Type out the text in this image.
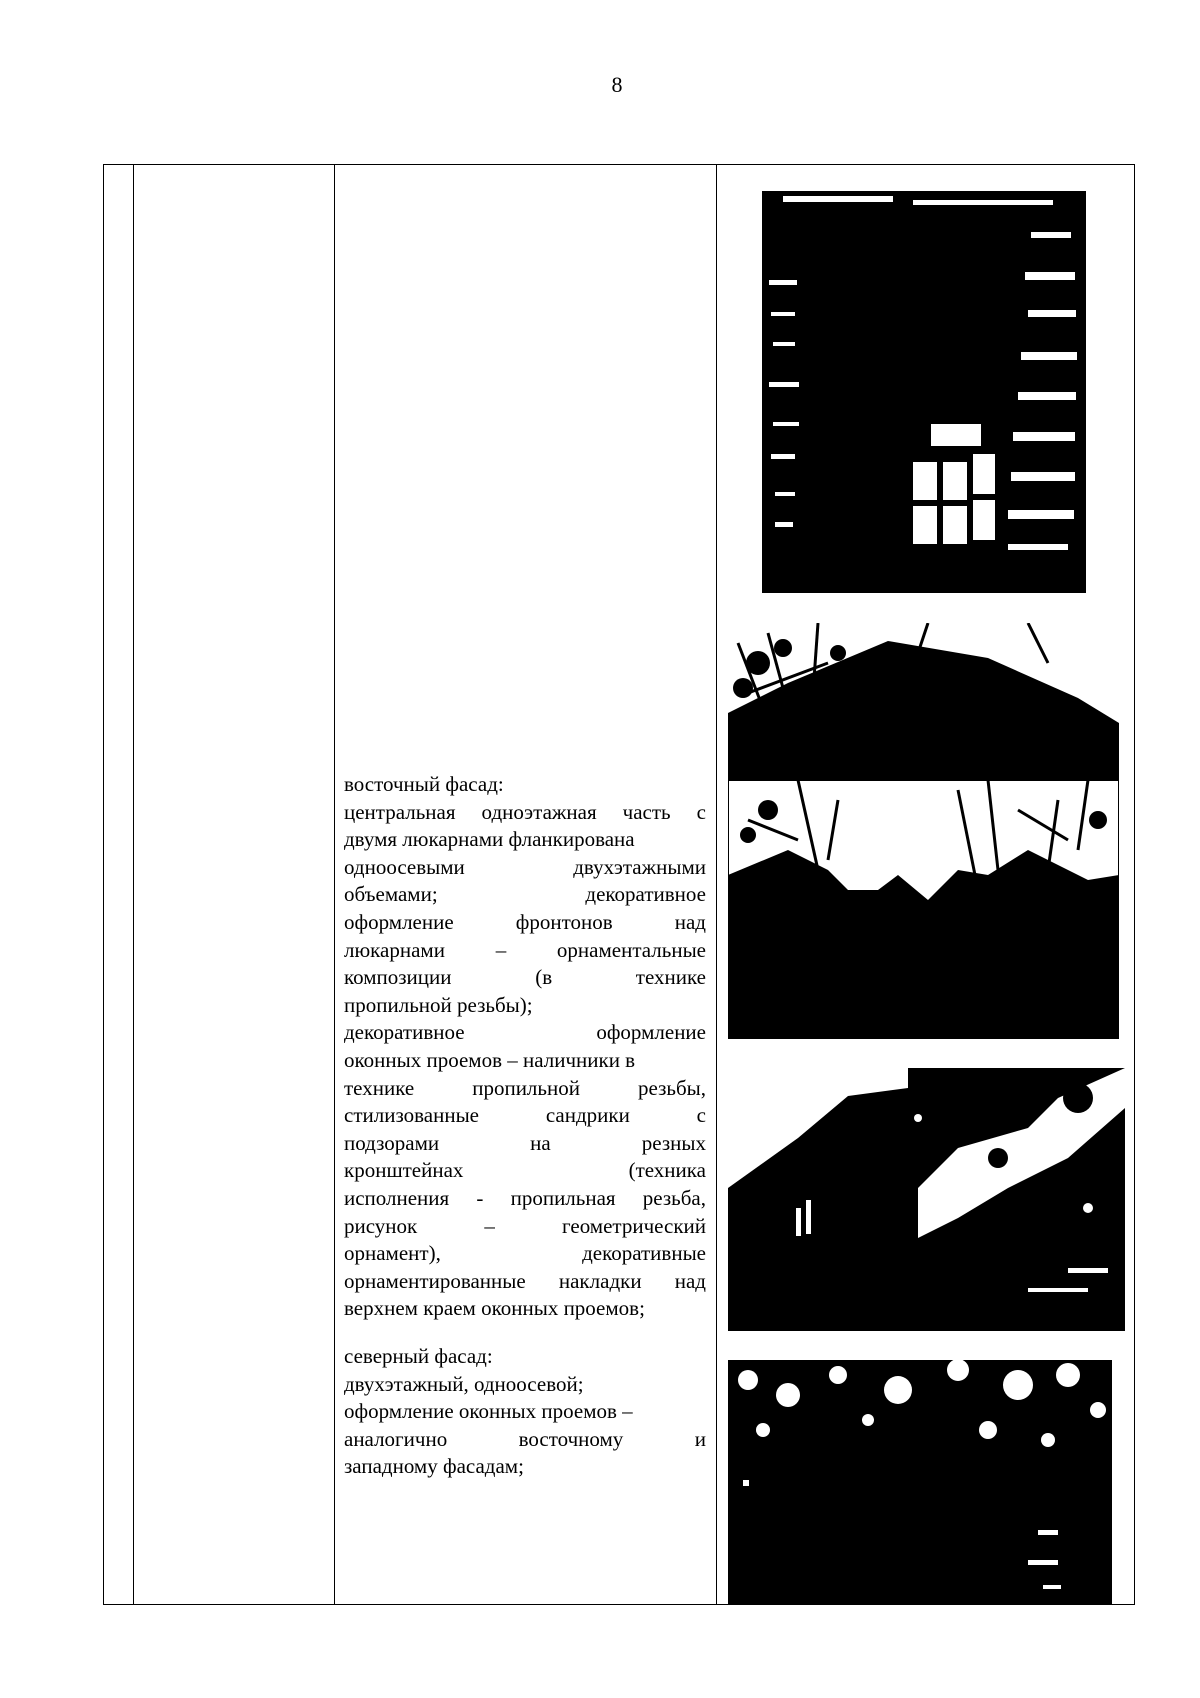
8
восточный фасад:
центральная одноэтажная часть с
двумя люкарнами фланкирована
одноосевыми двухэтажными
объемами; декоративное
оформление фронтонов над
люкарнами – орнаментальные
композиции (в технике
пропильной резьбы);
декоративное оформление
оконных проемов – наличники в
технике пропильной резьбы,
стилизованные сандрики с
подзорами на резных
кронштейнах (техника
исполнения - пропильная резьба,
рисунок – геометрический
орнамент), декоративные
орнаментированные накладки над
верхнем краем оконных проемов;
северный фасад:
двухэтажный, одноосевой;
оформление оконных проемов –
аналогично восточному и
западному фасадам;
